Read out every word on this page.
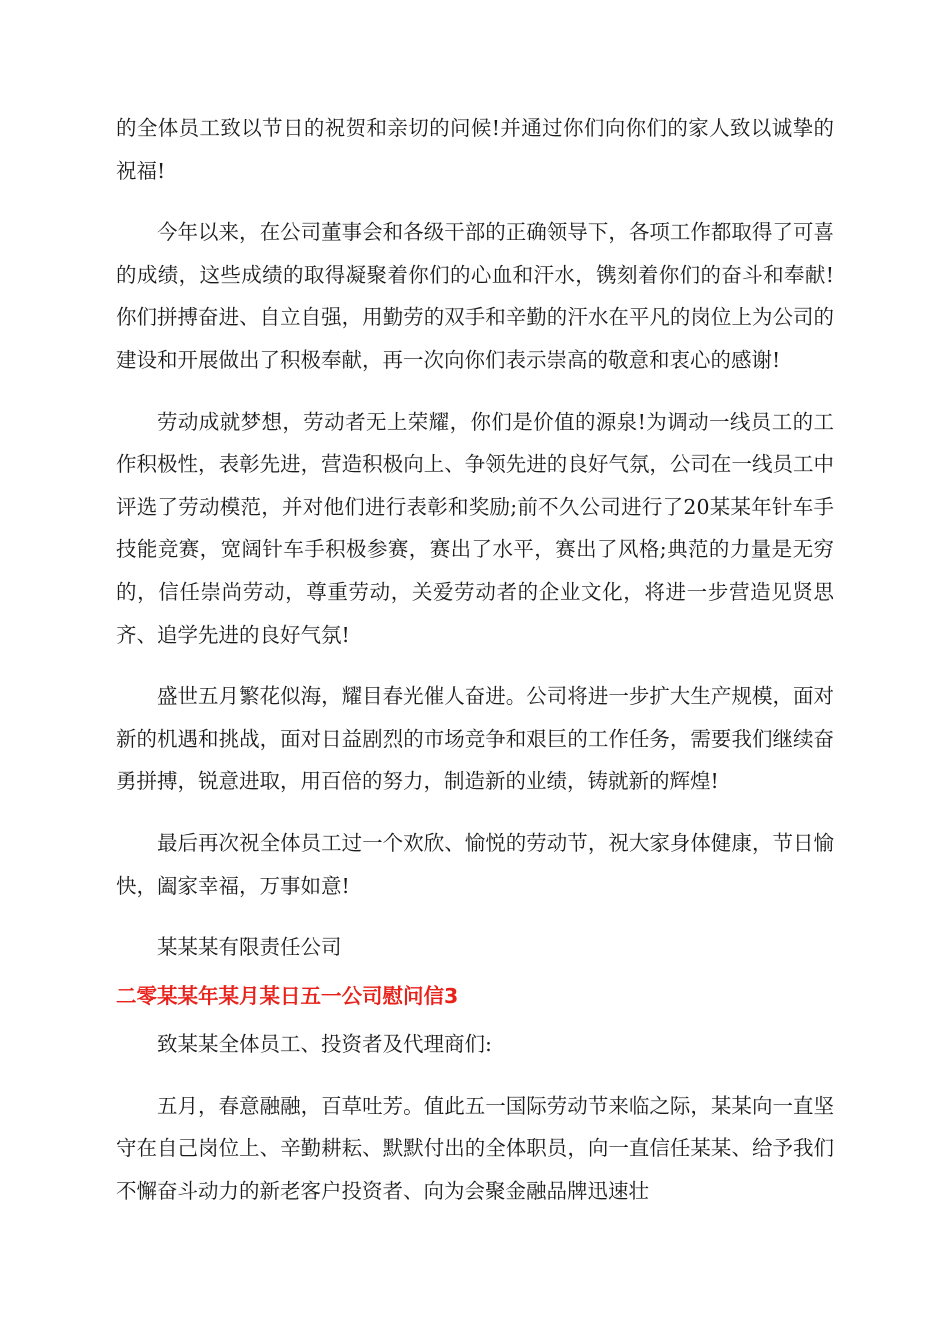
的全体员工致以节日的祝贺和亲切的问候!并通过你们向你们的家人致以诚挚的祝福!

今年以来，在公司董事会和各级干部的正确领导下，各项工作都取得了可喜的成绩，这些成绩的取得凝聚着你们的心血和汗水，镌刻着你们的奋斗和奉献!你们拼搏奋进、自立自强，用勤劳的双手和辛勤的汗水在平凡的岗位上为公司的建设和开展做出了积极奉献，再一次向你们表示崇高的敬意和衷心的感谢!

劳动成就梦想，劳动者无上荣耀，你们是价值的源泉!为调动一线员工的工作积极性，表彰先进，营造积极向上、争领先进的良好气氛，公司在一线员工中评选了劳动模范，并对他们进行表彰和奖励;前不久公司进行了20某某年针车手技能竞赛，宽阔针车手积极参赛，赛出了水平，赛出了风格;典范的力量是无穷的，信任崇尚劳动，尊重劳动，关爱劳动者的企业文化，将进一步营造见贤思齐、追学先进的良好气氛!

盛世五月繁花似海，耀目春光催人奋进。公司将进一步扩大生产规模，面对新的机遇和挑战，面对日益剧烈的市场竞争和艰巨的工作任务，需要我们继续奋勇拼搏，锐意进取，用百倍的努力，制造新的业绩，铸就新的辉煌!

最后再次祝全体员工过一个欢欣、愉悦的劳动节，祝大家身体健康，节日愉快，阖家幸福，万事如意!

某某某有限责任公司

二零某某年某月某日五一公司慰问信3

致某某全体员工、投资者及代理商们:

五月，春意融融，百草吐芳。值此五一国际劳动节来临之际，某某向一直坚守在自己岗位上、辛勤耕耘、默默付出的全体职员，向一直信任某某、给予我们不懈奋斗动力的新老客户投资者、向为会聚金融品牌迅速壮
